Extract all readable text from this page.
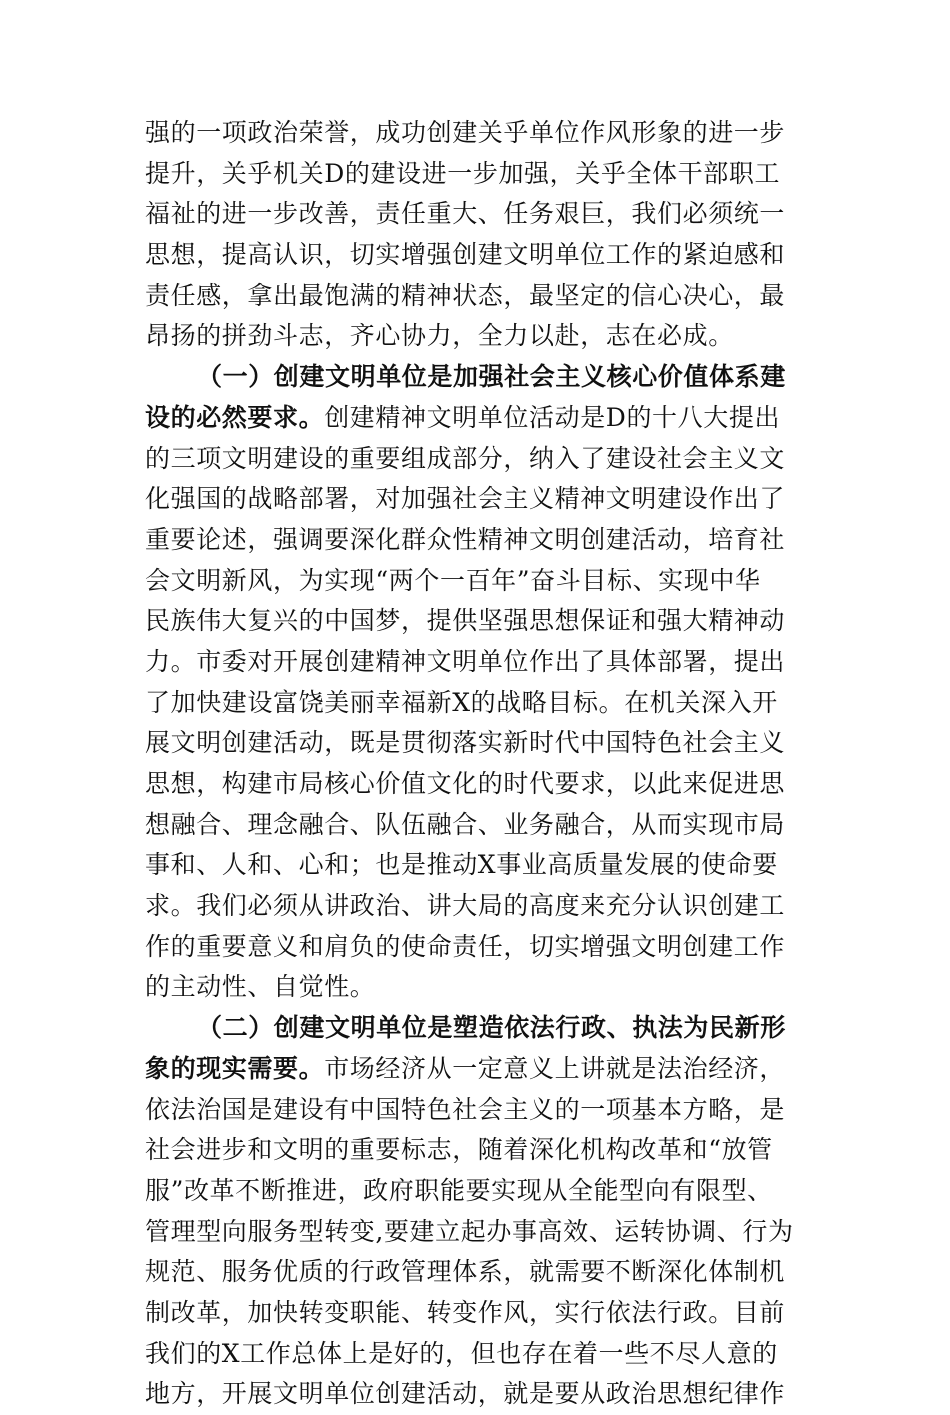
强的一项政治荣誉，成功创建关乎单位作风形象的进一步
提升，关乎机关D的建设进一步加强，关乎全体干部职工
福祉的进一步改善，责任重大、任务艰巨，我们必须统一
思想，提高认识，切实增强创建文明单位工作的紧迫感和
责任感，拿出最饱满的精神状态，最坚定的信心决心，最
昂扬的拼劲斗志，齐心协力，全力以赴，志在必成。
（一）创建文明单位是加强社会主义核心价值体系建
设的必然要求。创建精神文明单位活动是D的十八大提出
的三项文明建设的重要组成部分，纳入了建设社会主义文
化强国的战略部署，对加强社会主义精神文明建设作出了
重要论述，强调要深化群众性精神文明创建活动，培育社
会文明新风，为实现“两个一百年”奋斗目标、实现中华
民族伟大复兴的中国梦，提供坚强思想保证和强大精神动
力。市委对开展创建精神文明单位作出了具体部署，提出
了加快建设富饶美丽幸福新X的战略目标。在机关深入开
展文明创建活动，既是贯彻落实新时代中国特色社会主义
思想，构建市局核心价值文化的时代要求，以此来促进思
想融合、理念融合、队伍融合、业务融合，从而实现市局
事和、人和、心和；也是推动X事业高质量发展的使命要
求。我们必须从讲政治、讲大局的高度来充分认识创建工
作的重要意义和肩负的使命责任，切实增强文明创建工作
的主动性、自觉性。
（二）创建文明单位是塑造依法行政、执法为民新形
象的现实需要。市场经济从一定意义上讲就是法治经济，
依法治国是建设有中国特色社会主义的一项基本方略，是
社会进步和文明的重要标志，随着深化机构改革和“放管
服”改革不断推进，政府职能要实现从全能型向有限型、
管理型向服务型转变,要建立起办事高效、运转协调、行为
规范、服务优质的行政管理体系，就需要不断深化体制机
制改革，加快转变职能、转变作风，实行依法行政。目前
我们的X工作总体上是好的，但也存在着一些不尽人意的
地方，开展文明单位创建活动，就是要从政治思想纪律作
